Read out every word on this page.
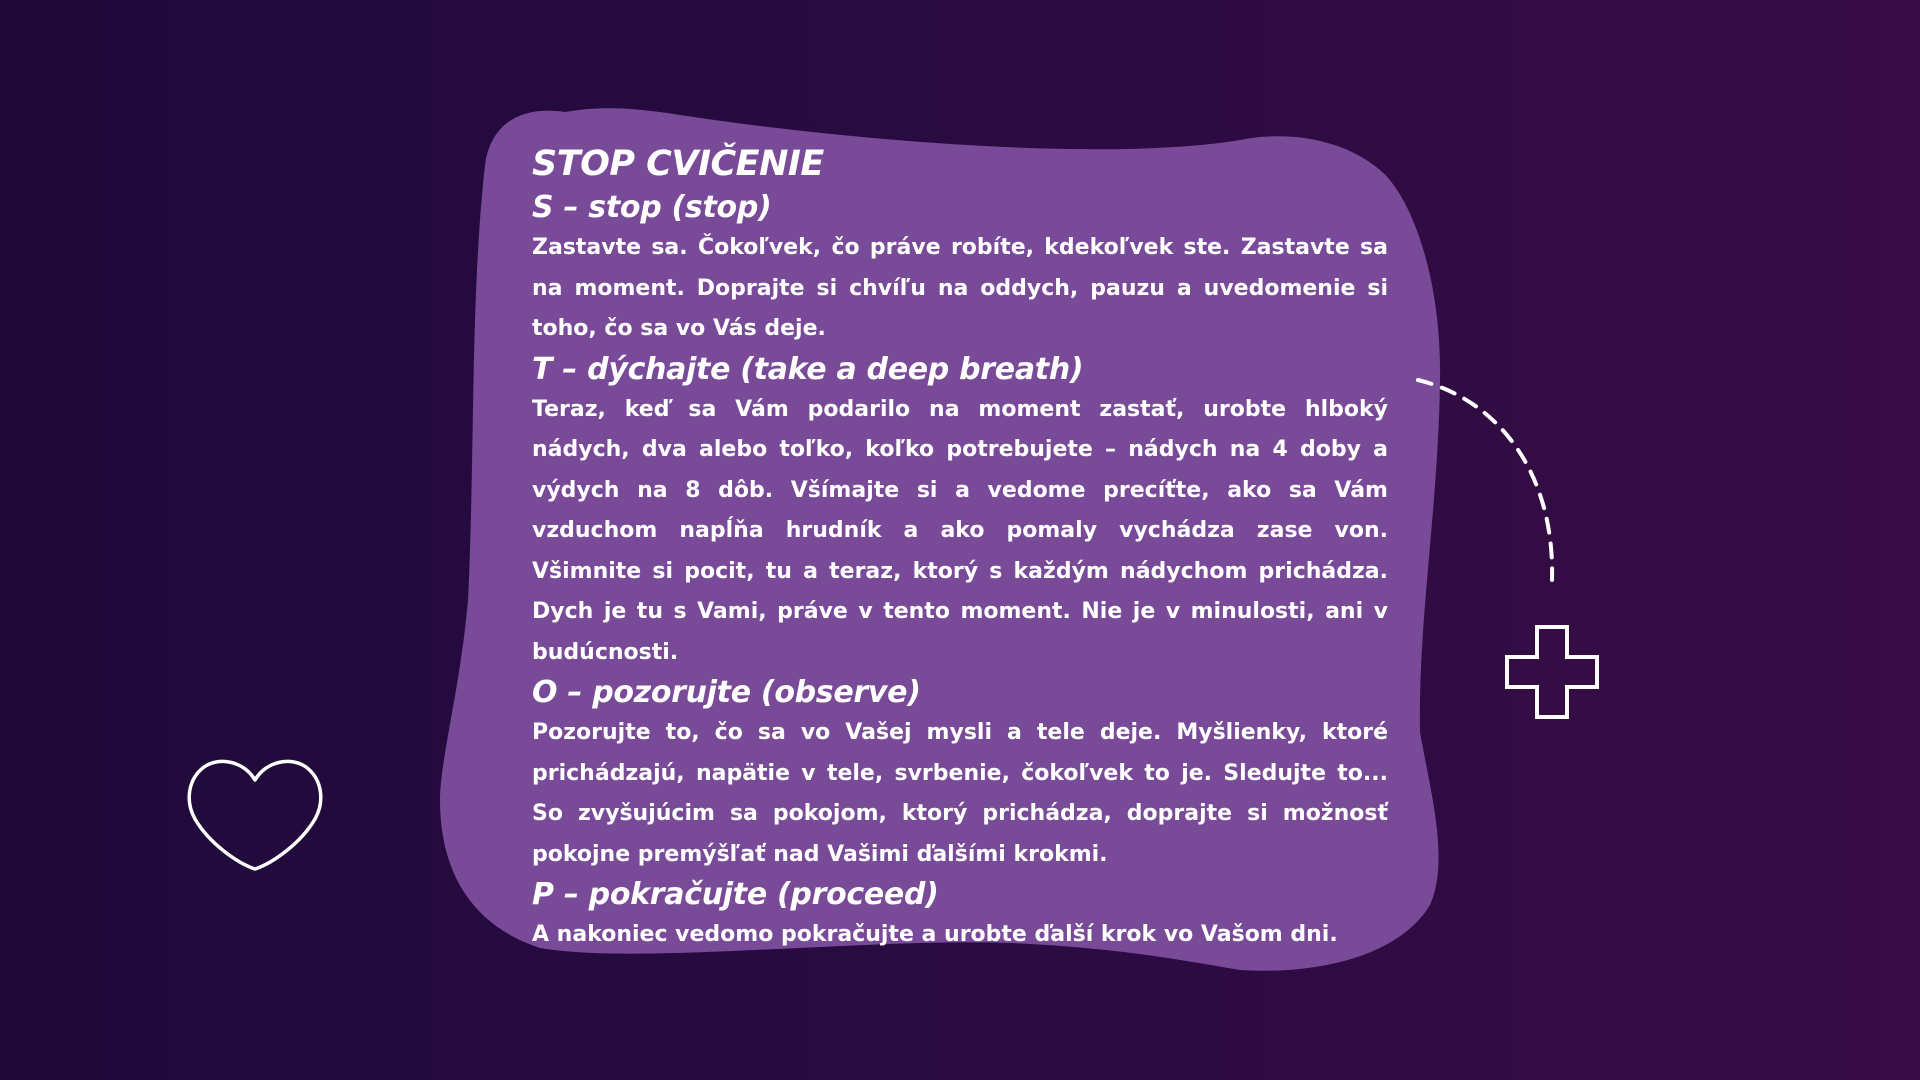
STOP CVIČENIE
S – stop (stop)

Zastavte sa. Čokoľvek, čo práve robíte, kdekoľvek ste. Zastavte sa na moment. Doprajte si chvíľu na oddych, pauzu a uvedomenie si toho, čo sa vo Vás deje.

T – dýchajte (take a deep breath)

Teraz, keď sa Vám podarilo na moment zastať, urobte hlboký nádych, dva alebo toľko, koľko potrebujete – nádych na 4 doby a výdych na 8 dôb. Všímajte si a vedome precíťte, ako sa Vám vzduchom napĺňa hrudník a ako pomaly vychádza zase von. Všimnite si pocit, tu a teraz, ktorý s každým nádychom prichádza. Dych je tu s Vami, práve v tento moment. Nie je v minulosti, ani v budúcnosti.

O – pozorujte (observe)

Pozorujte to, čo sa vo Vašej mysli a tele deje. Myšlienky, ktoré prichádzajú, napätie v tele, svrbenie, čokoľvek to je. Sledujte to... So zvyšujúcim sa pokojom, ktorý prichádza, doprajte si možnosť pokojne premýšľať nad Vašimi ďalšími krokmi.

P – pokračujte (proceed)

A nakoniec vedomo pokračujte a urobte ďalší krok vo Vašom dni.
